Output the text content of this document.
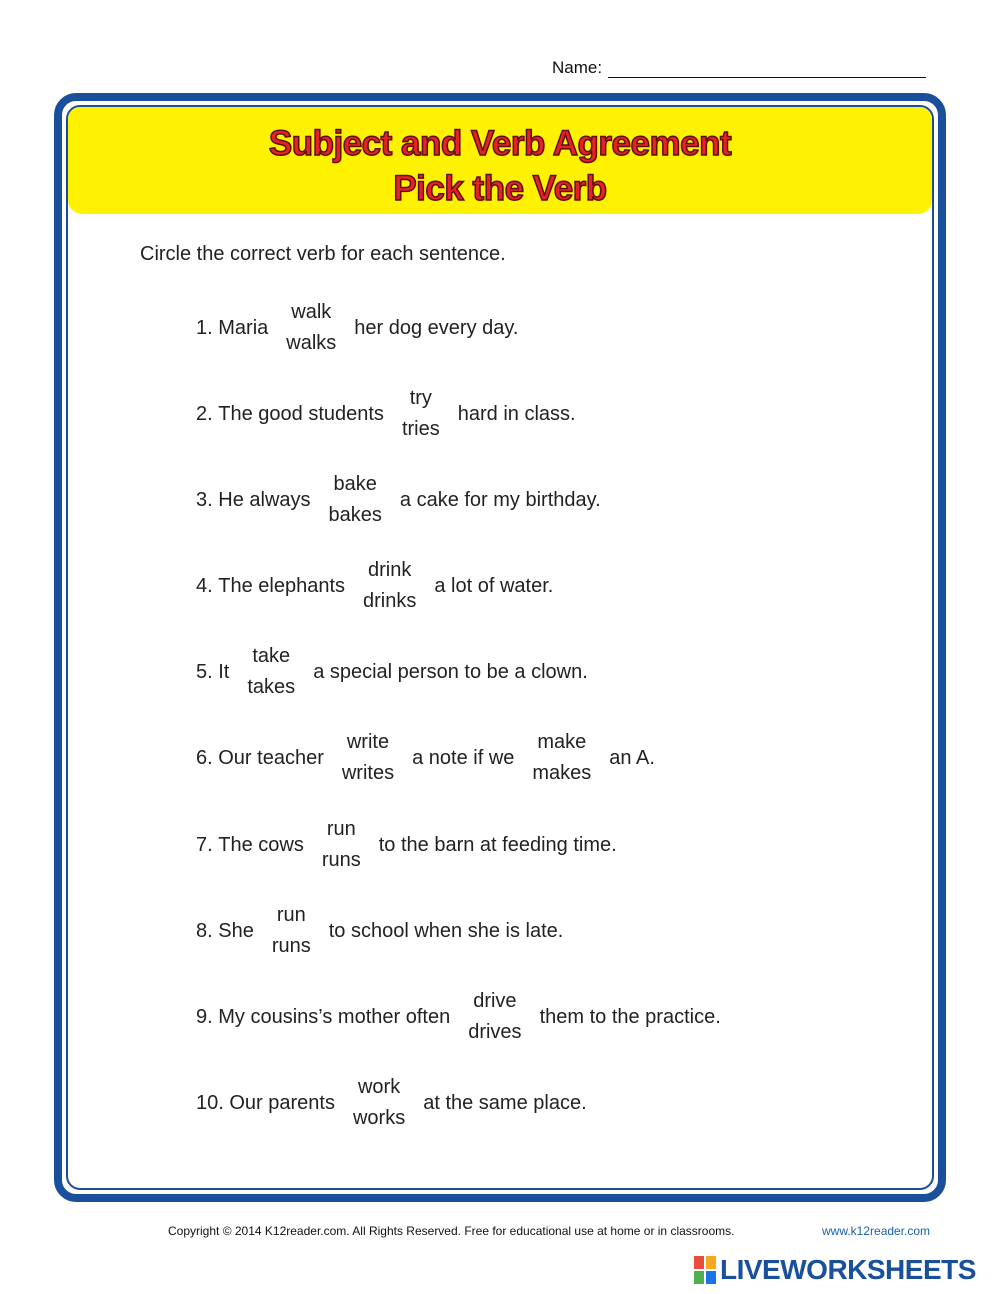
Name:
Subject and Verb Agreement
Pick the Verb
Circle the correct verb for each sentence.
1. Maria
walk
walks
her dog every day.
2. The good students
try
tries
hard in class.
3. He always
bake
bakes
a cake for my birthday.
4. The elephants
drink
drinks
a lot of water.
5. It
take
takes
a special person to be a clown.
6. Our teacher
write
writes
a note if we
make
makes
an A.
7. The cows
run
runs
to the barn at feeding time.
8. She
run
runs
to school when she is late.
9. My cousins’s mother often
drive
drives
them to the practice.
10. Our parents
work
works
at the same place.
Copyright © 2014 K12reader.com. All Rights Reserved. Free for educational use at home or in classrooms.	www.k12reader.com
LIVEWORKSHEETS
